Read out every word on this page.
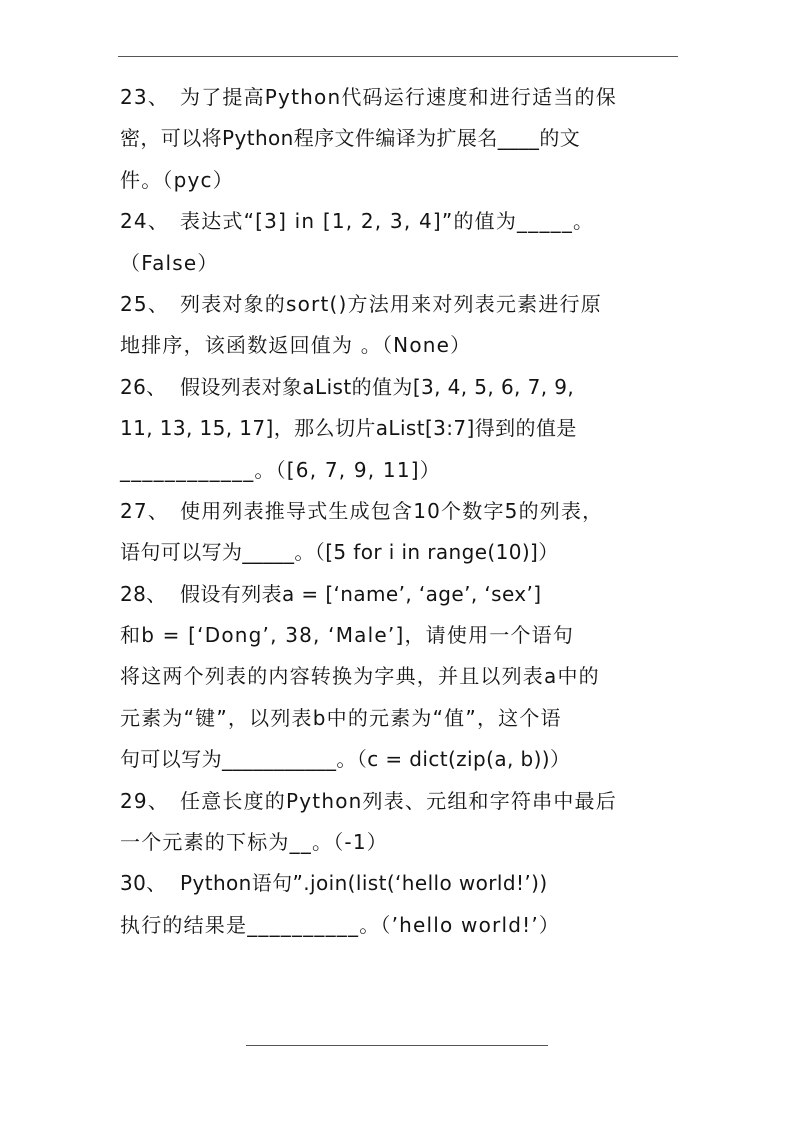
23、 为了提高Python代码运行速度和进行适当的保
密，可以将Python程序文件编译为扩展名____的文
件。（pyc）
24、 表达式“[3] in [1, 2, 3, 4]”的值为_____。
（False）
25、 列表对象的sort()方法用来对列表元素进行原
地排序，该函数返回值为 。（None）
26、 假设列表对象aList的值为[3, 4, 5, 6, 7, 9,
11, 13, 15, 17]，那么切片aList[3:7]得到的值是
____________。（[6, 7, 9, 11]）
27、 使用列表推导式生成包含10个数字5的列表，
语句可以写为_____。（[5 for i in range(10)]）
28、 假设有列表a = [‘name’, ‘age’, ‘sex’]
和b = [‘Dong’, 38, ‘Male’]，请使用一个语句
将这两个列表的内容转换为字典，并且以列表a中的
元素为“键”，以列表b中的元素为“值”，这个语
句可以写为___________。（c = dict(zip(a, b))）
29、 任意长度的Python列表、元组和字符串中最后
一个元素的下标为__。（-1）
30、 Python语句”.join(list(‘hello world!’))
执行的结果是__________。（’hello world!’）
